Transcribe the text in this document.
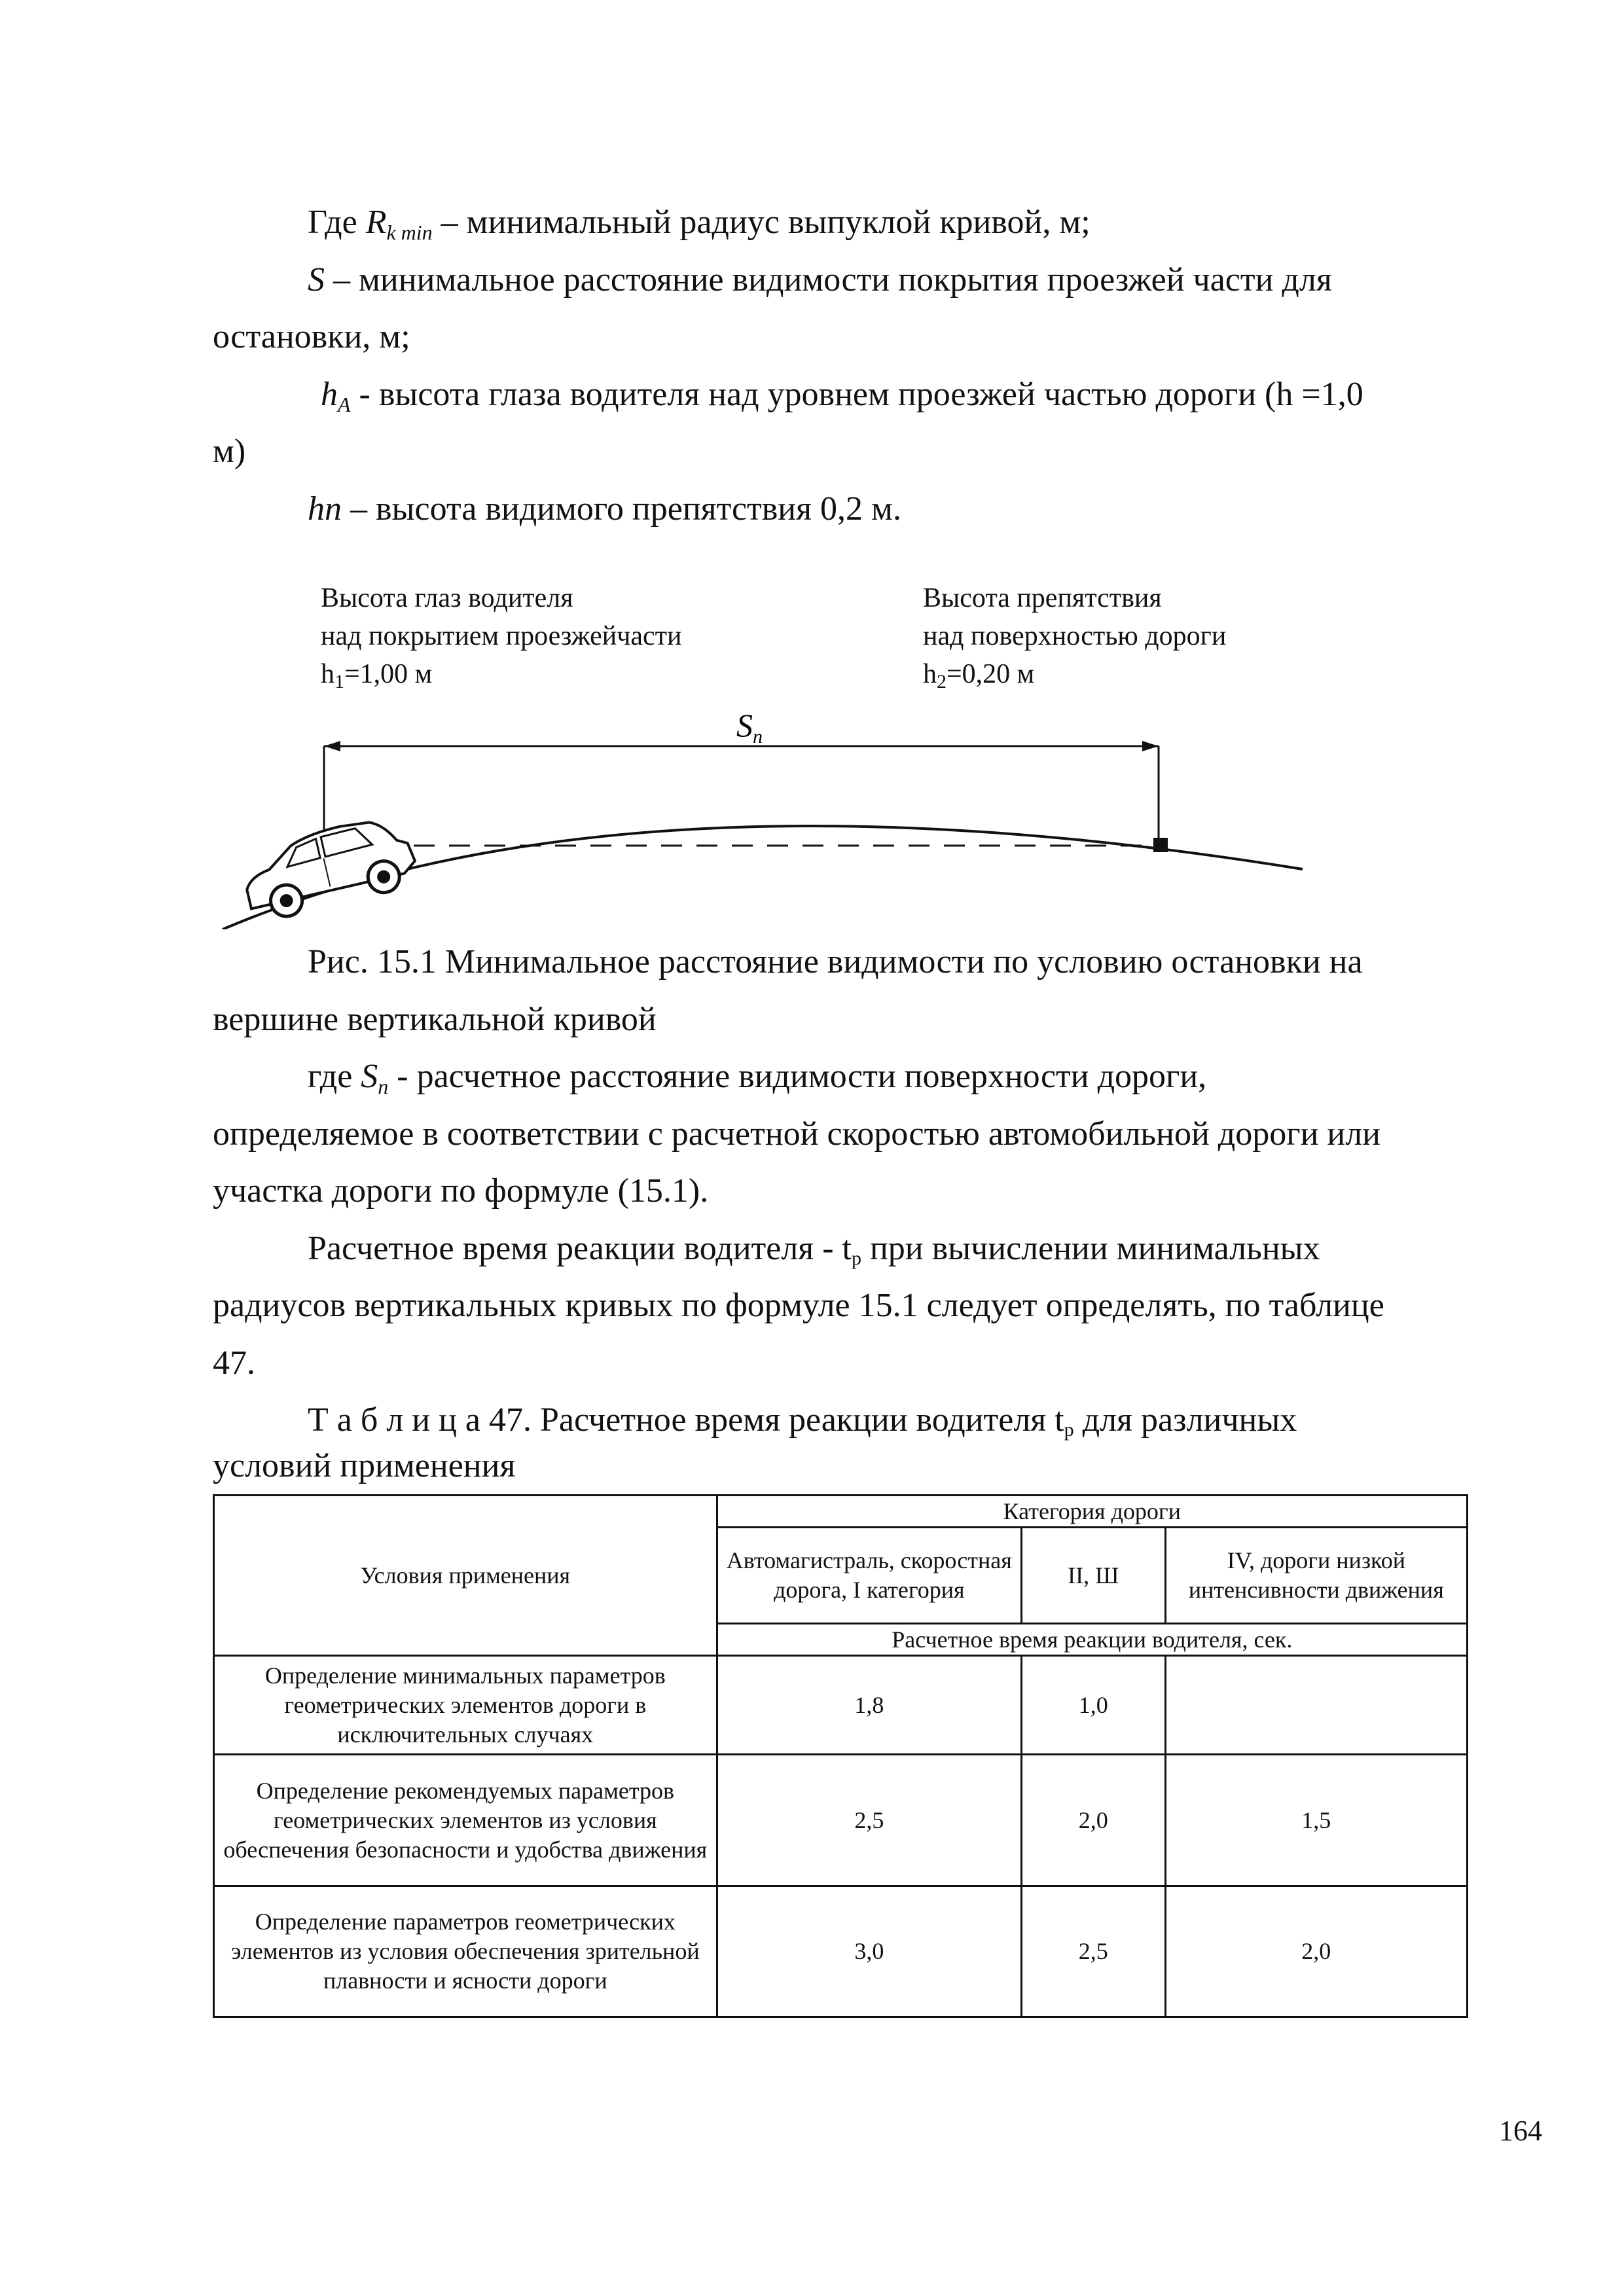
Где $R_{k min}$ – минимальный радиус выпуклой кривой, м;
S – минимальное расстояние видимости покрытия проезжей части для
остановки, м;
$h_A$ - высота глаза водителя над уровнем проезжей частью дороги (h =1,0
м)
hn – высота видимого препятствия 0,2 м.
Высота глаз водителя
над покрытием проезжейчасти
$h_1=1,00$ м
Высота препятствия
над поверхностью дороги
$h_2=0,20$ м
$S_n$
Рис. 15.1 Минимальное расстояние видимости по условию остановки на
вершине вертикальной кривой
где $S_n$ - расчетное расстояние видимости поверхности дороги,
определяемое в соответствии с расчетной скоростью автомобильной дороги или
участка дороги по формуле (15.1).
Расчетное время реакции водителя - $t_p$ при вычислении минимальных
радиусов вертикальных кривых по формуле 15.1 следует определять, по таблице
47.
Т а б л и ц а 47. Расчетное время реакции водителя $t_p$ для различных
условий применения
Условия применения	Категория дороги		
	Автомагистраль, скоростная дорога, I категория	II, Ш	IV, дороги низкой интенсивности движения
	Расчетное время реакции водителя, сек.		
Определение минимальных параметров геометрических элементов дороги в исключительных случаях	1,8	1,0	
Определение рекомендуемых параметров геометрических элементов из условия обеспечения безопасности и удобства движения	2,5	2,0	1,5
Определение параметров геометрических элементов из условия обеспечения зрительной плавности и ясности дороги	3,0	2,5	2,0
164
